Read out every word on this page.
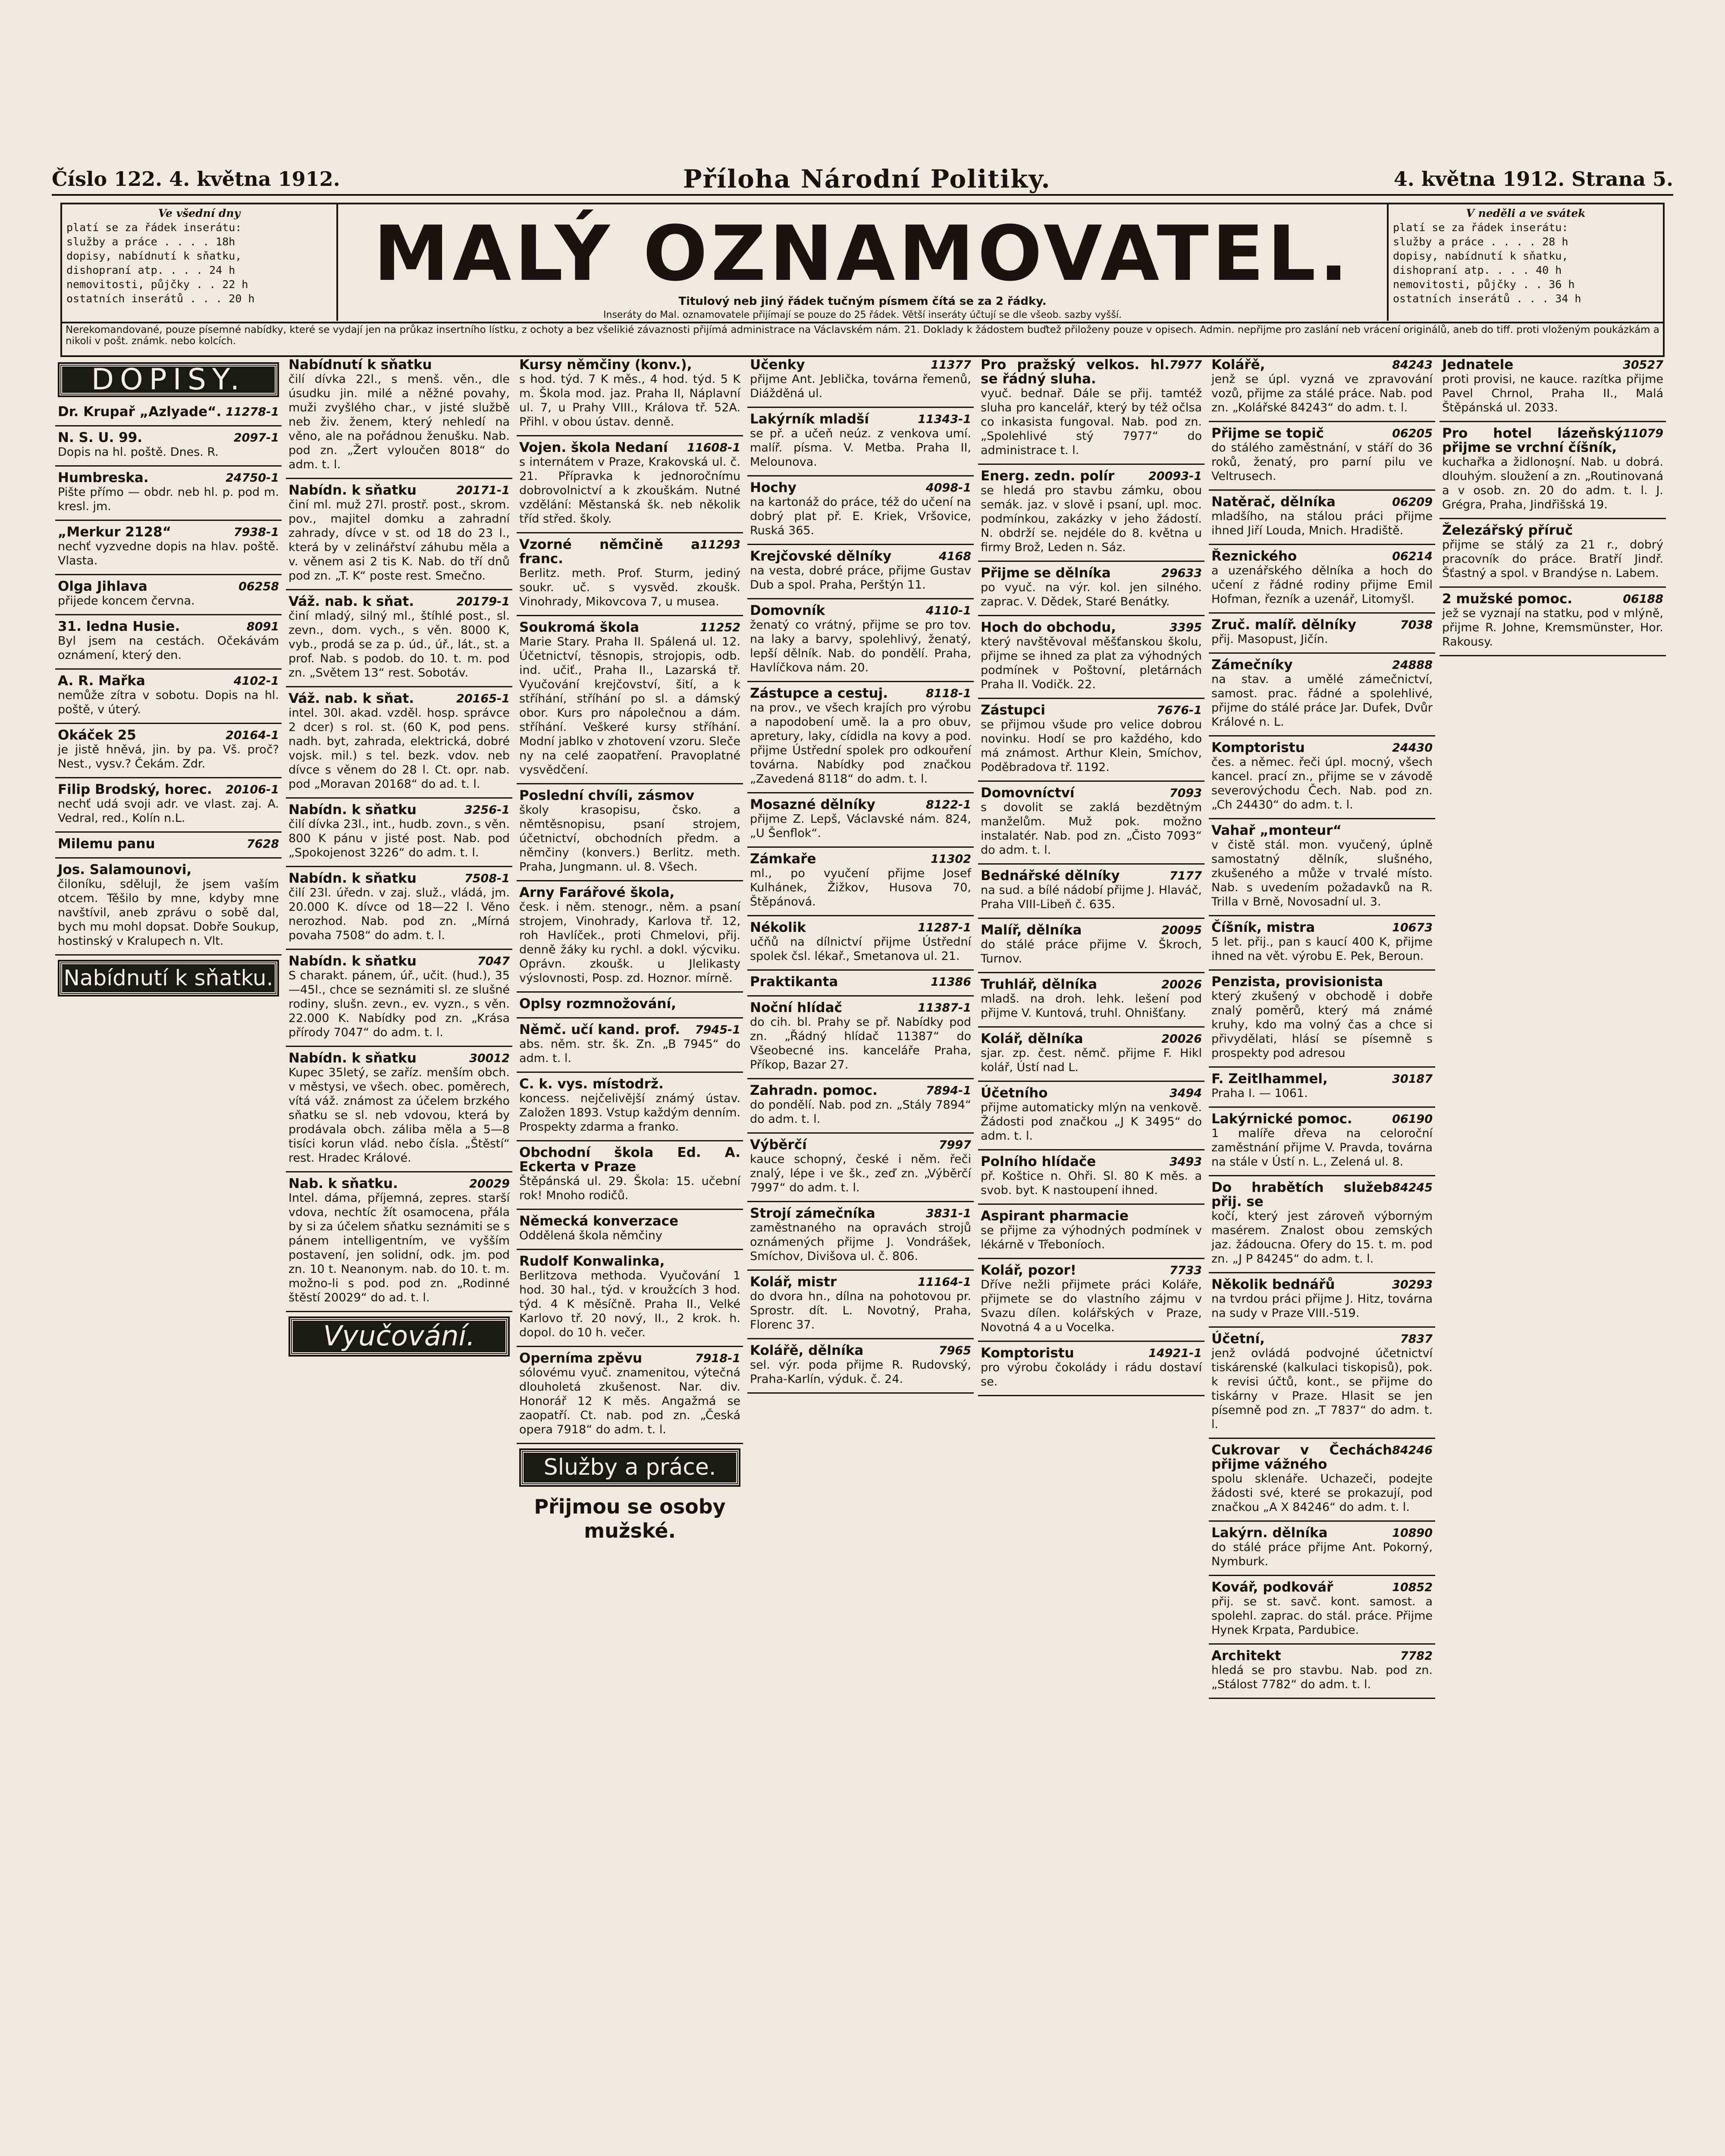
Číslo 122. 4. května 1912.	Příloha Národní Politiky.	4. května 1912. Strana 5.
Ve všední dny
platí se za řádek inserátu:
služby a práce . . . . 18h
dopisy, nabídnutí k sňatku,
dishopraní atp. . . . 24 h
nemovitosti, půjčky . . 22 h
ostatních inserátů . . . 20 h
MALÝ OZNAMOVATEL.
Titulový neb jiný řádek tučným písmem čítá se za 2 řádky.
Inseráty do Mal. oznamovatele přijímají se pouze do 25 řádek. Větší inseráty účtují se dle všeob. sazby vyšší.
V neděli a ve svátek
platí se za řádek inserátu:
služby a práce . . . . 28 h
dopisy, nabídnutí k sňatku,
dishopraní atp. . . . 40 h
nemovitosti, půjčky . . 36 h
ostatních inserátů . . . 34 h
Nerekomandované, pouze písemné nabídky, které se vydají jen na průkaz insertního lístku, z ochoty a bez všelikié závaznosti přijímá administrace na Václavském nám. 21. Dokladу k žádostem buďtež přiloženy pouze v opisech. Admin. nepřijme pro zaslání neb vrácení originálů, aneb do tiff. proti vloženým poukázkám a nikoli v pošt. známk. nebo kolcích.
DOPISY.
11278-1
Dr. Krupař „Azlyade“.
2097-1
N. S. U. 99.
Dopis na hl. poště. Dnes. R.
24750-1
Humbreska.
Pište přímo — obdr. neb hl. p. pod m. kresl. jm.
7938-1
„Merkur 2128“
nechť vyzvedne dopis na hlav. poště. Vlasta.
06258
Olga Jihlava
přijede koncem června.
8091
31. ledna Husie.
Byl jsem na cestách. Očekávám oznámení, který den.
4102-1
A. R. Mařka
nemůže zítra v sobotu. Dopis na hl. poště, v úterý.
20164-1
Okáček 25
je jistě hněvá, jin. by pa. Vš. proč? Nest., vysv.? Čekám. Zdr.
20106-1
Filip Brodský, horec.
nechť udá svoji adr. ve vlast. zaj. A. Vedral, red., Kolín n.L.
7628
Milemu panu
Jos. Salamounovi,
čiloníku, sdělujl, že jsem vaším otcem. Těšilo by mne, kdyby mne navštívil, aneb zprávu o sobě dal, bych mu mohl dopsat. Dobře Soukup, hostinský v Kralupech n. Vlt.
Nabídnutí k sňatku.
Nabídnutí k sňatku
čilí dívka 22l., s menš. věn., dle úsudku jin. milé a něžné povahy, muži zvyšlého char., v jisté službě neb živ. ženem, který nehledí na věno, ale na pořádnou ženušku. Nab. pod zn. „Žert vyloučen 8018“ do adm. t. l.
20171-1
Nabídn. k sňatku
činí ml. muž 27l. prostř. post., skrom. pov., majitel domku a zahradní zahrady, dívce v st. od 18 do 23 l., která by v zelinářství záhubu měla a v. věnem asi 2 tis K. Nab. do tří dnů pod zn. „T. K“ poste rest. Smečno.
20179-1
Váž. nab. k sňat.
činí mladý, silný ml., štíhlé post., sl. zevn., dom. vych., s věn. 8000 K, vyb., prodá se za p. úd., úř., lát., st. a prof. Nab. s podob. do 10. t. m. pod zn. „Světem 13“ rest. Sobotáv.
20165-1
Váž. nab. k sňat.
intel. 30l. akad. vzděl. hosp. správce 2 dcer) s rol. st. (60 K, pod pens. nadh. byt, zahrada, elektrická, dobré vojsk. mil.) s tel. bezk. vdov. neb dívce s věnem do 28 l. Ct. opr. nab. pod „Moravan 20168“ do ad. t. l.
3256-1
Nabídn. k sňatku
čilí dívka 23l., int., hudb. zovn., s věn. 800 K pánu v jisté post. Nab. pod „Spokojenost 3226“ do adm. t. l.
7508-1
Nabídn. k sňatku
čilí 23l. úředn. v zaj. služ., vládá, jm. 20.000 K. dívce od 18—22 l. Věno nerozhod. Nab. pod zn. „Mírná povaha 7508“ do adm. t. l.
7047
Nabídn. k sňatku
S charakt. pánem, úř., učit. (hud.), 35—45l., chce se seznámiti sl. ze slušné rodiny, slušn. zevn., ev. vyzn., s věn. 22.000 K. Nabídky pod zn. „Krása přírody 7047“ do adm. t. l.
30012
Nabídn. k sňatku
Kupec 35letý, se zaříz. menším obch. v městysi, ve všech. obec. poměrech, vítá váž. známost za účelem brzkého sňatku se sl. neb vdovou, která by prodávala obch. záliba měla a 5—8 tisíci korun vlád. nebo čísla. „Štěstí“ rest. Hradec Králové.
20029
Nab. k sňatku.
Intel. dáma, příjemná, zepres. starší vdova, nechtíc žít osamocena, přála by si za účelem sňatku seznámiti se s pánem intelligentním, ve vyšším postavení, jen solidní, odk. jm. pod zn. 10 t. Neanonym. nab. do 10. t. m. možno-li s pod. pod zn. „Rodinné štěstí 20029“ do ad. t. l.
Vyučování.
Kursy němčiny (konv.),
s hod. týd. 7 K měs., 4 hod. týd. 5 K m. Škola mod. jaz. Praha II, Náplavní ul. 7, u Prahy VIII., Králova tř. 52A. Přihl. v obou ústav. denně.
11608-1
Vojen. škola Nedaní
s internátem v Praze, Krakovská ul. č. 21. Přípravka k jednoročnímu dobrovolnictví a k zkouškám. Nutné vzdělání: Městanská šk. neb několik tříd střed. školy.
11293
Vzorné němčině a franc.
Berlitz. meth. Prof. Sturm, jediný soukr. uč. s vysvěd. zkoušk. Vinohrady, Mikovcova 7, u musea.
11252
Soukromá škola
Marie Stary. Praha II. Spálená ul. 12. Účetnictví, těsnopis, strojopis, odb. ind. učiť., Praha II., Lazarská tř. Vyučování krejčovství, šití, a k stříhání, stříhání po sl. a dámský obor. Kurs pro nápolečnou a dám. stříhání. Veškeré kursy stříhání. Modní jablko v zhotovení vzoru. Sleče ny na celé zaopatření. Pravoplatné vysvědčení.
Poslední chvíli, zásmov
školy krasopisu, čsko. a němtěsnopisu, psaní strojem, účetnictví, obchodních předm. a němčiny (konvers.) Berlitz. meth. Praha, Jungmann. ul. 8. Všech.
Arny Farářové škola,
česk. i něm. stenogr., něm. a psaní strojem, Vinohrady, Karlova tř. 12, roh Havlíček., proti Chmelovi, přij. denně žáky ku rychl. a dokl. výcviku. Oprávn. zkoušk. u Jlelikasty výslovnosti, Posp. zd. Hoznor. mírně.
Oplsy rozmnožování,
7945-1
Němč. učí kand. prof.
abs. něm. str. šk. Zn. „B 7945“ do adm. t. l.
C. k. vys. místodrž.
koncess. nejčelivější známý ústav. Založen 1893. Vstup každým denním. Prospekty zdarma a franko.
Obchodní škola Ed. A. Eckerta v Praze
Štěpánská ul. 29. Škola: 15. učební rok! Mnoho rodičů.
Německá konverzace
Oddělená škola němčiny
Rudolf Konwalinka,
Berlitzova methoda. Vyučování 1 hod. 30 hal., týd. v kroužcích 3 hod. týd. 4 K měsíčně. Praha II., Velké Karlovo tř. 20 nový, II., 2 krok. h. dopol. do 10 h. večer.
7918-1
Operníma zpěvu
sólovému vyuč. znamenitou, výtečná dlouholetá zkušenost. Nar. div. Honorář 12 K měs. Angažmá se zaopatří. Ct. nab. pod zn. „Česká opera 7918“ do adm. t. l.
Služby a práce.
Přijmou se osoby mužské.
11377
Učenky
přijme Ant. Jeblička, továrna řemenů, Diážděná ul.
11343-1
Lakýrník mladší
se př. a učeň neúz. z venkova umí. malíř. písma. V. Metba. Praha II, Melounova.
4098-1
Hochy
na kartonáž do práce, též do učení na dobrý plat př. E. Kriek, Vršovice, Ruská 365.
4168
Krejčovské dělníky
na vesta, dobré práce, přijme Gustav Dub a spol. Praha, Perštýn 11.
4110-1
Domovník
ženatý co vrátný, přijme se pro tov. na laky a barvy, spolehlivý, ženatý, lepší dělník. Nab. do pondělí. Praha, Havlíčkova nám. 20.
8118-1
Zástupce a cestuj.
na prov., ve všech krajích pro výrobu a napodobení umě. la a pro obuv, apretury, laky, cídidla na kovy a pod. přijme Ústřední spolek pro odkouření továrna. Nabídky pod značkou „Zavedená 8118“ do adm. t. l.
8122-1
Mosazné dělníky
přijme Z. Lepš, Václavské nám. 824, „U Šenflok“.
11302
Zámkaře
ml., po vyučení přijme Josef Kulhánek, Žižkov, Husova 70, Štěpánová.
11287-1
Nékolik
učňů na dílnictví přijme Ústřední spolek čsl. lékař., Smetanova ul. 21.
11386
Praktikanta
11387-1
Noční hlídač
do cih. bl. Prahy se př. Nabídky pod zn. „Řádný hlídač 11387“ do Všeobecné ins. kanceláře Praha, Příkop, Bazar 27.
7894-1
Zahradn. pomoc.
do pondělí. Nab. pod zn. „Stály 7894“ do adm. t. l.
7997
Výběrčí
kauce schopný, české i něm. řeči znalý, lépe i ve šk., zeď zn. „Výběrčí 7997“ do adm. t. l.
3831-1
Strojí zámečníka
zaměstnaného na opravách strojů oznámených přijme J. Vondrášek, Smíchov, Divišova ul. č. 806.
11164-1
Kolář, mistr
do dvora hn., dílna na pohotovou pr. Sprostr. dít. L. Novotný, Praha, Florenc 37.
7965
Kolářě, dělníka
sel. výr. poda přijme R. Rudovský, Praha-Karlín, výduk. č. 24.
7977
Pro pražský velkos. hl. se řádný sluha.
vyuč. bednař. Dále se přij. tamtéž sluha pro kancelář, který by též očlsa co inkasista fungoval. Nab. pod zn. „Spolehlivé stý 7977“ do administrace t. l.
20093-1
Energ. zedn. polír
se hledá pro stavbu zámku, obou semák. jaz. v slově i psaní, upl. moc. podmínkou, zakázky v jeho žádostí. N. obdrží se. nejdéle do 8. května u firmy Brož, Leden n. Sáz.
29633
Přijme se dělníka
po vyuč. na výr. kol. jen silného. zaprac. V. Dědek, Staré Benátky.
3395
Hoch do obchodu,
který navštěvoval měšťanskou školu, přijme se ihned za plat za výhodných podmínek v Poštovní, pletárnách Praha II. Vodičk. 22.
7676-1
Zástupci
se přijmou všude pro velice dobrou novinku. Hodí se pro každého, kdo má známost. Arthur Klein, Smíchov, Poděbradova tř. 1192.
7093
Domovníctví
s dovolit se zaklá bezdětným manželům. Muž pok. možno instalatér. Nab. pod zn. „Čisto 7093“ do adm. t. l.
7177
Bednářské dělníky
na sud. a bílé nádobí přijme J. Hlaváč, Praha VIII-Libeň č. 635.
20095
Malíř, dělníka
do stálé práce přijme V. Škroch, Turnov.
20026
Truhlář, dělníka
mladš. na droh. lehk. lešení pod přijme V. Kuntová, truhl. Ohnišťany.
20026
Kolář, dělníka
sjar. zp. čest. němč. přijme F. Hikl kolář, Ústí nad L.
3494
Účetního
přijme automaticky mlýn na venkově. Žádosti pod značkou „J K 3495“ do adm. t. l.
3493
Polního hlídače
př. Koštice n. Ohři. Sl. 80 K měs. a svob. byt. K nastoupení ihned.
Aspirant pharmacie
se přijme za výhodných podmínek v lékárně v Třeboníoch.
7733
Kolář, pozor!
Dříve nežli přijmete práci Koláře, přijmete se do vlastního zájmu v Svazu dílen. kolářských v Praze, Novotná 4 a u Vocelka.
14921-1
Komptoristu
pro výrobu čokolády i rádu dostaví se.
84243
Kolářě,
jenž se úpl. vyzná ve zpravování vozů, přijme za stálé práce. Nab. pod zn. „Kolářské 84243“ do adm. t. l.
06205
Přijme se topič
do stálého zaměstnání, v stáří do 36 roků, ženatý, pro parní pilu ve Veltrusech.
06209
Natěrač, dělníka
mladšího, na stálou práci přijme ihned Jiří Louda, Mnich. Hradiště.
06214
Řeznického
a uzenářského dělníka a hoch do učení z řádné rodiny přijme Emil Hofman, řezník a uzenář, Litomyšl.
7038
Zruč. malíř. dělníky
přij. Masopust, Jičín.
24888
Zámečníky
na stav. a umělé zámečnictví, samost. prac. řádné a spolehlivé, přijme do stálé práce Jar. Dufek, Dvůr Králové n. L.
24430
Komptoristu
čes. a němec. řeči úpl. mocný, všech kancel. prací zn., přijme se v závodě severovýchodu Čech. Nab. pod zn. „Ch 24430“ do adm. t. l.
Vahař „monteur“
v čistě stál. mon. vyučený, úplně samostatný dělník, slušného, zkušeného a může v trvalé místo. Nab. s uvedením požadavků na R. Trilla v Brně, Novosadní ul. 3.
10673
Číšník, mistra
5 let. přij., pan s kaucí 400 K, přijme ihned na vět. výrobu E. Pek, Beroun.
Penzista, provisionista
který zkušený v obchodě i dobře znalý poměrů, který má známé kruhy, kdo ma volný čas a chce si přivydělati, hlásí se písemně s prospekty pod adresou
30187
F. Zeitlhammel,
Praha I. — 1061.
06190
Lakýrnické pomoc.
1 malíře dřeva na celoroční zaměstnání přijme V. Pravda, továrna na stále v Ústí n. L., Zelená ul. 8.
84245
Do hrabětích služeb přij. se
kočí, který jest zároveň výborným masérem. Znalost obou zemských jaz. žádoucna. Ofery do 15. t. m. pod zn. „J P 84245“ do adm. t. l.
30293
Několik bednářů
na tvrdou práci přijme J. Hitz, továrna na sudy v Praze VIII.-519.
7837
Účetní,
jenž ovládá podvojné účetnictví tiskárenské (kalkulaci tiskopisů), pok. k revisi účtů, kont., se přijme do tiskárny v Praze. Hlasit se jen písemně pod zn. „T 7837“ do adm. t. l.
84246
Cukrovar v Čechách přijme vážného
spolu sklenáře. Uchazeči, podejte žádosti své, které se prokazují, pod značkou „A X 84246“ do adm. t. l.
10890
Lakýrn. dělníka
do stálé práce přijme Ant. Pokorný, Nymburk.
10852
Kovář, podkovář
přij. se st. savč. kont. samost. a spolehl. zaprac. do stál. práce. Přijme Hynek Krpata, Pardubice.
7782
Architekt
hledá se pro stavbu. Nab. pod zn. „Stálost 7782“ do adm. t. l.
30527
Jednatele
proti provisi, ne kauce. razítka přijme Pavel Chrnol, Praha II., Malá Štěpánská ul. 2033.
11079
Pro hotel lázeňský přijme se vrchní číšník,
kuchařka a židlonoşní. Nab. u dobrá. dlouhým. sloužení a zn. „Routinovaná a v osob. zn. 20 do adm. t. l. J. Grégra, Praha, Jindřišská 19.
Železářský příruč
přijme se stálý za 21 r., dobrý pracovník do práce. Bratří Jindř. Šťastný a spol. v Brandýse n. Labem.
06188
2 mužské pomoc.
jež se vyznají na statku, pod v mlýně, přijme R. Johne, Kremsmünster, Hor. Rakousy.
